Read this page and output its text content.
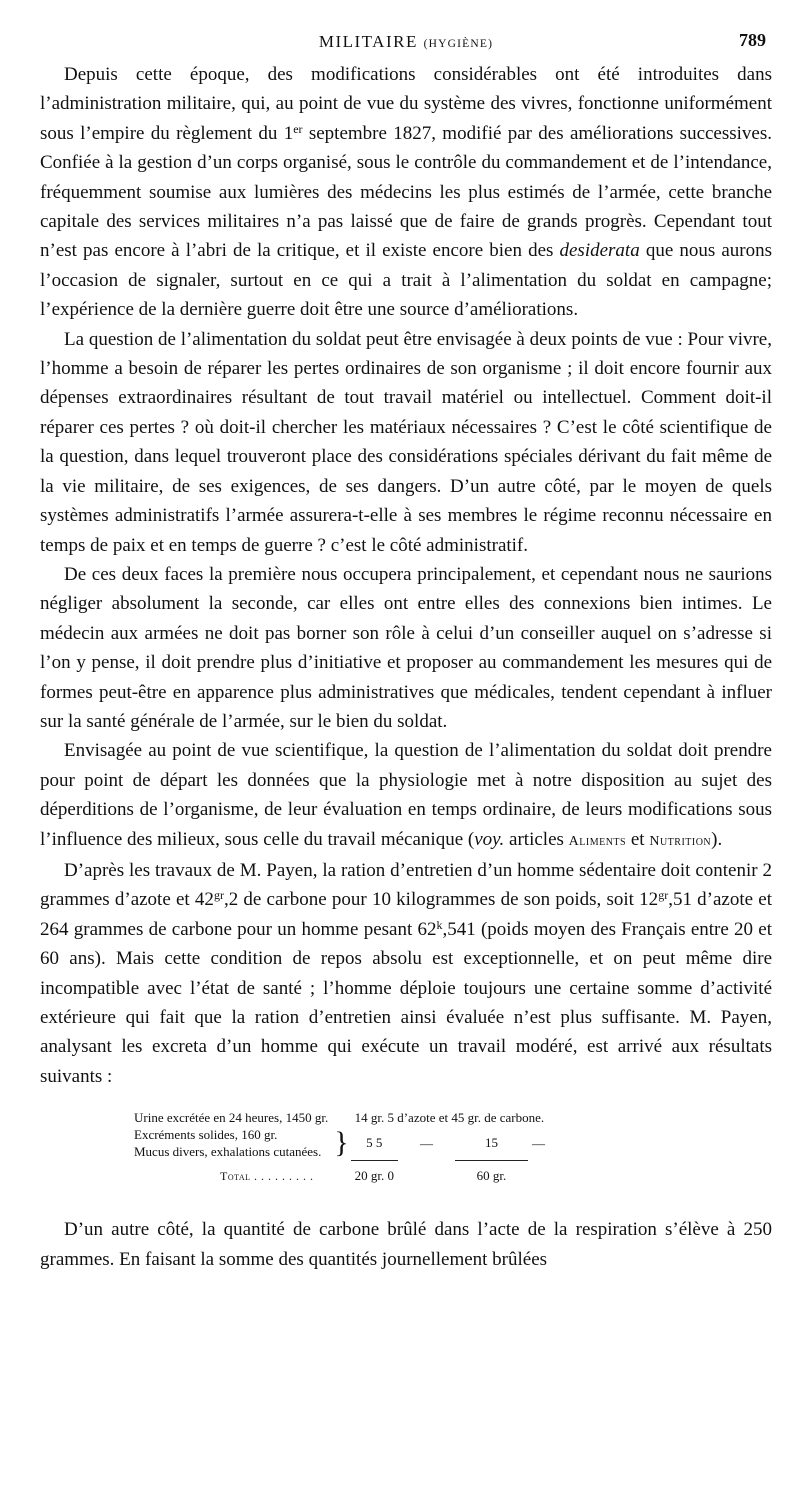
MILITAIRE (HYGIÈNE)	789

Depuis cette époque, des modifications considérables ont été introduites dans l’administration militaire, qui, au point de vue du système des vivres, fonctionne uniformément sous l’empire du règlement du 1er septembre 1827, modifié par des améliorations successives. Confiée à la gestion d’un corps organisé, sous le contrôle du commandement et de l’intendance, fréquemment soumise aux lumières des médecins les plus estimés de l’armée, cette branche capitale des services militaires n’a pas laissé que de faire de grands progrès. Cependant tout n’est pas encore à l’abri de la critique, et il existe encore bien des desiderata que nous aurons l’occasion de signaler, surtout en ce qui a trait à l’alimentation du soldat en campagne; l’expérience de la dernière guerre doit être une source d’améliorations.

La question de l’alimentation du soldat peut être envisagée à deux points de vue : Pour vivre, l’homme a besoin de réparer les pertes ordinaires de son organisme ; il doit encore fournir aux dépenses extraordinaires résultant de tout travail matériel ou intellectuel. Comment doit-il réparer ces pertes ? où doit-il chercher les matériaux nécessaires ? C’est le côté scientifique de la question, dans lequel trouveront place des considérations spéciales dérivant du fait même de la vie militaire, de ses exigences, de ses dangers. D’un autre côté, par le moyen de quels systèmes administratifs l’armée assurera-t-elle à ses membres le régime reconnu nécessaire en temps de paix et en temps de guerre ? c’est le côté administratif.

De ces deux faces la première nous occupera principalement, et cependant nous ne saurions négliger absolument la seconde, car elles ont entre elles des connexions bien intimes. Le médecin aux armées ne doit pas borner son rôle à celui d’un conseiller auquel on s’adresse si l’on y pense, il doit prendre plus d’initiative et proposer au commandement les mesures qui de formes peut-être en apparence plus administratives que médicales, tendent cependant à influer sur la santé générale de l’armée, sur le bien du soldat.

Envisagée au point de vue scientifique, la question de l’alimentation du soldat doit prendre pour point de départ les données que la physiologie met à notre disposition au sujet des déperditions de l’organisme, de leur évaluation en temps ordinaire, de leurs modifications sous l’influence des milieux, sous celle du travail mécanique (voy. articles Aliments et Nutrition).

D’après les travaux de M. Payen, la ration d’entretien d’un homme sédentaire doit contenir 2 grammes d’azote et $42^{gr},2$ de carbone pour 10 kilogrammes de son poids, soit $12^{gr},51$ d’azote et 264 grammes de carbone pour un homme pesant 62$^k$,541 (poids moyen des Français entre 20 et 60 ans). Mais cette condition de repos absolu est exceptionnelle, et on peut même dire incompatible avec l’état de santé ; l’homme déploie toujours une certaine somme d’activité extérieure qui fait que la ration d’entretien ainsi évaluée n’est plus suffisante. M. Payen, analysant les excreta d’un homme qui exécute un travail modéré, est arrivé aux résultats suivants :

Urine excrétée en 24 heures, 1450 gr.		14 gr. 5 d’azote et 45 gr. de carbone.			
Excréments solides, 160 gr.	}	5 5	—	15	—
Mucus divers, exhalations cutanées.					
Total . . . . . . . . .		20 gr. 0		60 gr.	

D’un autre côté, la quantité de carbone brûlé dans l’acte de la respiration s’élève à 250 grammes. En faisant la somme des quantités journellement brûlées
